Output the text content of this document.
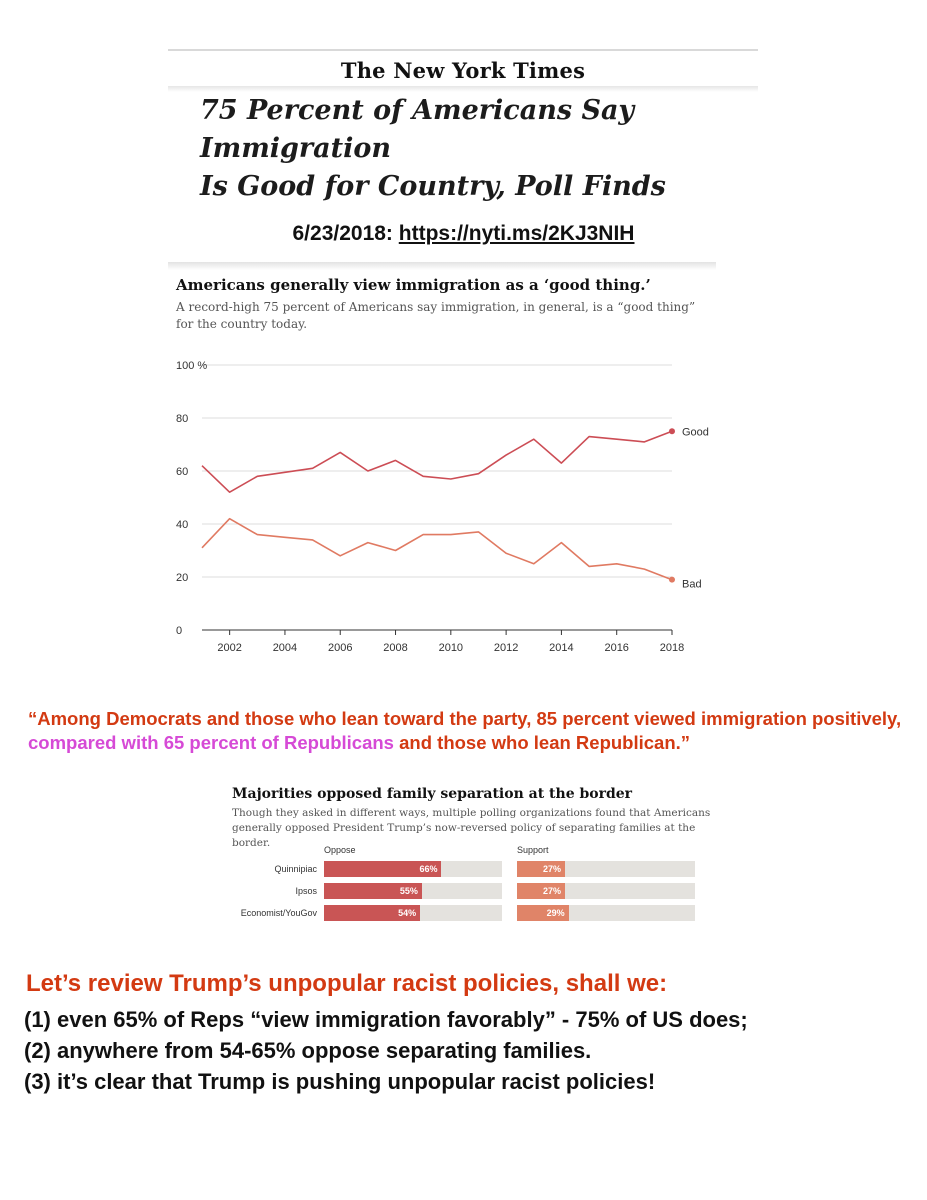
The New York Times
75 Percent of Americans Say Immigration
Is Good for Country, Poll Finds
6/23/2018: https://nyti.ms/2KJ3NIH
Americans generally view immigration as a ‘good thing.’
A record-high 75 percent of Americans say immigration, in general, is a “good thing” for the country today.
0
20
40
60
80
100 %
2002	2004	2006	2008	2010	2012	2014	2016	2018
Good
Bad
“Among Democrats and those who lean toward the party, 85 percent viewed immigration positively, compared with 65 percent of Republicans and those who lean Republican.”
Majorities opposed family separation at the border
Though they asked in different ways, multiple polling organizations found that Americans generally opposed President Trump’s now-reversed policy of separating families at the border.
Oppose	Support
Quinnipiac	66%	27%
Ipsos	55%	27%
Economist/YouGov	54%	29%
Let’s review Trump’s unpopular racist policies, shall we:
(1) even 65% of Reps “view immigration favorably” - 75% of US does;
(2) anywhere from 54-65% oppose separating families.
(3) it’s clear that Trump is pushing unpopular racist policies!
